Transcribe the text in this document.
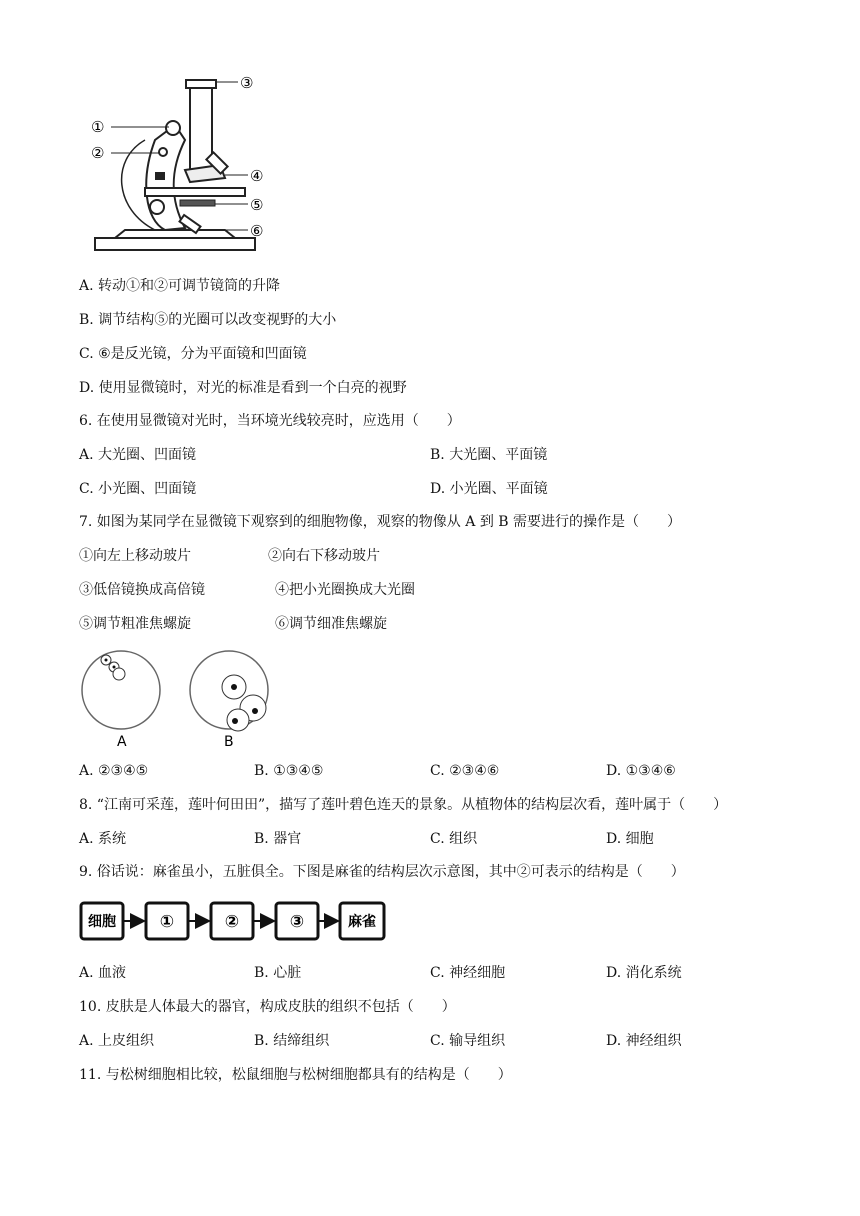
①
②
③
④
⑤
⑥
A. 转动①和②可调节镜筒的升降
B. 调节结构⑤的光圈可以改变视野的大小
C. ⑥是反光镜，分为平面镜和凹面镜
D. 使用显微镜时，对光的标准是看到一个白亮的视野
6. 在使用显微镜对光时，当环境光线较亮时，应选用（　　）
A. 大光圈、凹面镜	B. 大光圈、平面镜
C. 小光圈、凹面镜	D. 小光圈、平面镜
7. 如图为某同学在显微镜下观察到的细胞物像，观察的物像从 A 到 B 需要进行的操作是（　　）
①向左上移动玻片	②向右下移动玻片
③低倍镜换成高倍镜	④把小光圈换成大光圈
⑤调节粗准焦螺旋	⑥调节细准焦螺旋
A	B
A. ②③④⑤	B. ①③④⑤	C. ②③④⑥	D. ①③④⑥
8. “江南可采莲，莲叶何田田”，描写了莲叶碧色连天的景象。从植物体的结构层次看，莲叶属于（　　）
A. 系统	B. 器官	C. 组织	D. 细胞
9. 俗话说：麻雀虽小，五脏俱全。下图是麻雀的结构层次示意图，其中②可表示的结构是（　　）
细胞	①	②	③	麻雀
A. 血液	B. 心脏	C. 神经细胞	D. 消化系统
10. 皮肤是人体最大的器官，构成皮肤的组织不包括（　　）
A. 上皮组织	B. 结缔组织	C. 输导组织	D. 神经组织
11. 与松树细胞相比较，松鼠细胞与松树细胞都具有的结构是（　　）
